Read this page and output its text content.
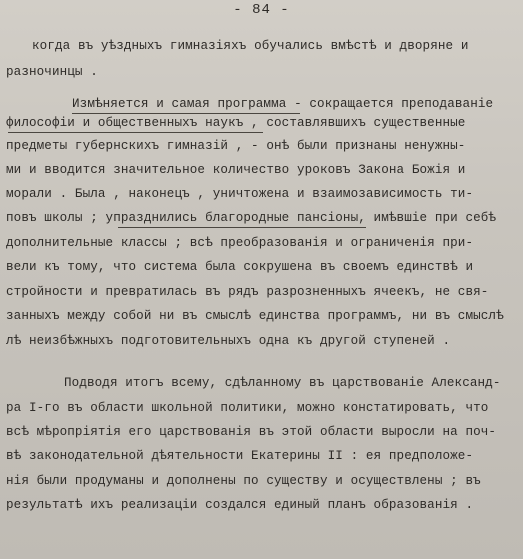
- 84 -
когда въ уѣздныхъ гимназiяхъ обучались вмѣстѣ и дворяне и
разночинцы .
Измѣняется и самая программа - сокращается преподаванiе
философiи и общественныхъ наукъ , составлявшихъ существенные
предметы губернскихъ гимназiй , - онѣ были признаны ненужны-
ми и вводится значительное количество уроковъ Закона Божiя и
морали . Была , наконецъ , уничтожена и взаимозависимость ти-
повъ школы ; упразднились благородные пансiоны, имѣвшiе при себѣ
дополнительные классы ; всѣ преобразованiя и ограниченiя при-
вели къ тому, что система была сокрушена въ своемъ единствѣ и
стройности и превратилась въ рядъ разрозненныхъ ячеекъ, не свя-
занныхъ между собой ни въ смыслѣ единства программъ, ни въ смыслѣ
лѣ неизбѣжныхъ подготовительныхъ одна къ другой ступеней .
Подводя итогъ всему, сдѣланному въ царствованiе Александ-
ра I-го въ области школьной политики, можно констатировать, что
всѣ мѣропрiятiя его царствованiя въ этой области выросли на поч-
вѣ законодательной дѣятельности Екатерины II : ея предположе-
нiя были продуманы и дополнены по существу и осуществлены ; въ
результатѣ ихъ реализацiи создался единый планъ образованiя .
